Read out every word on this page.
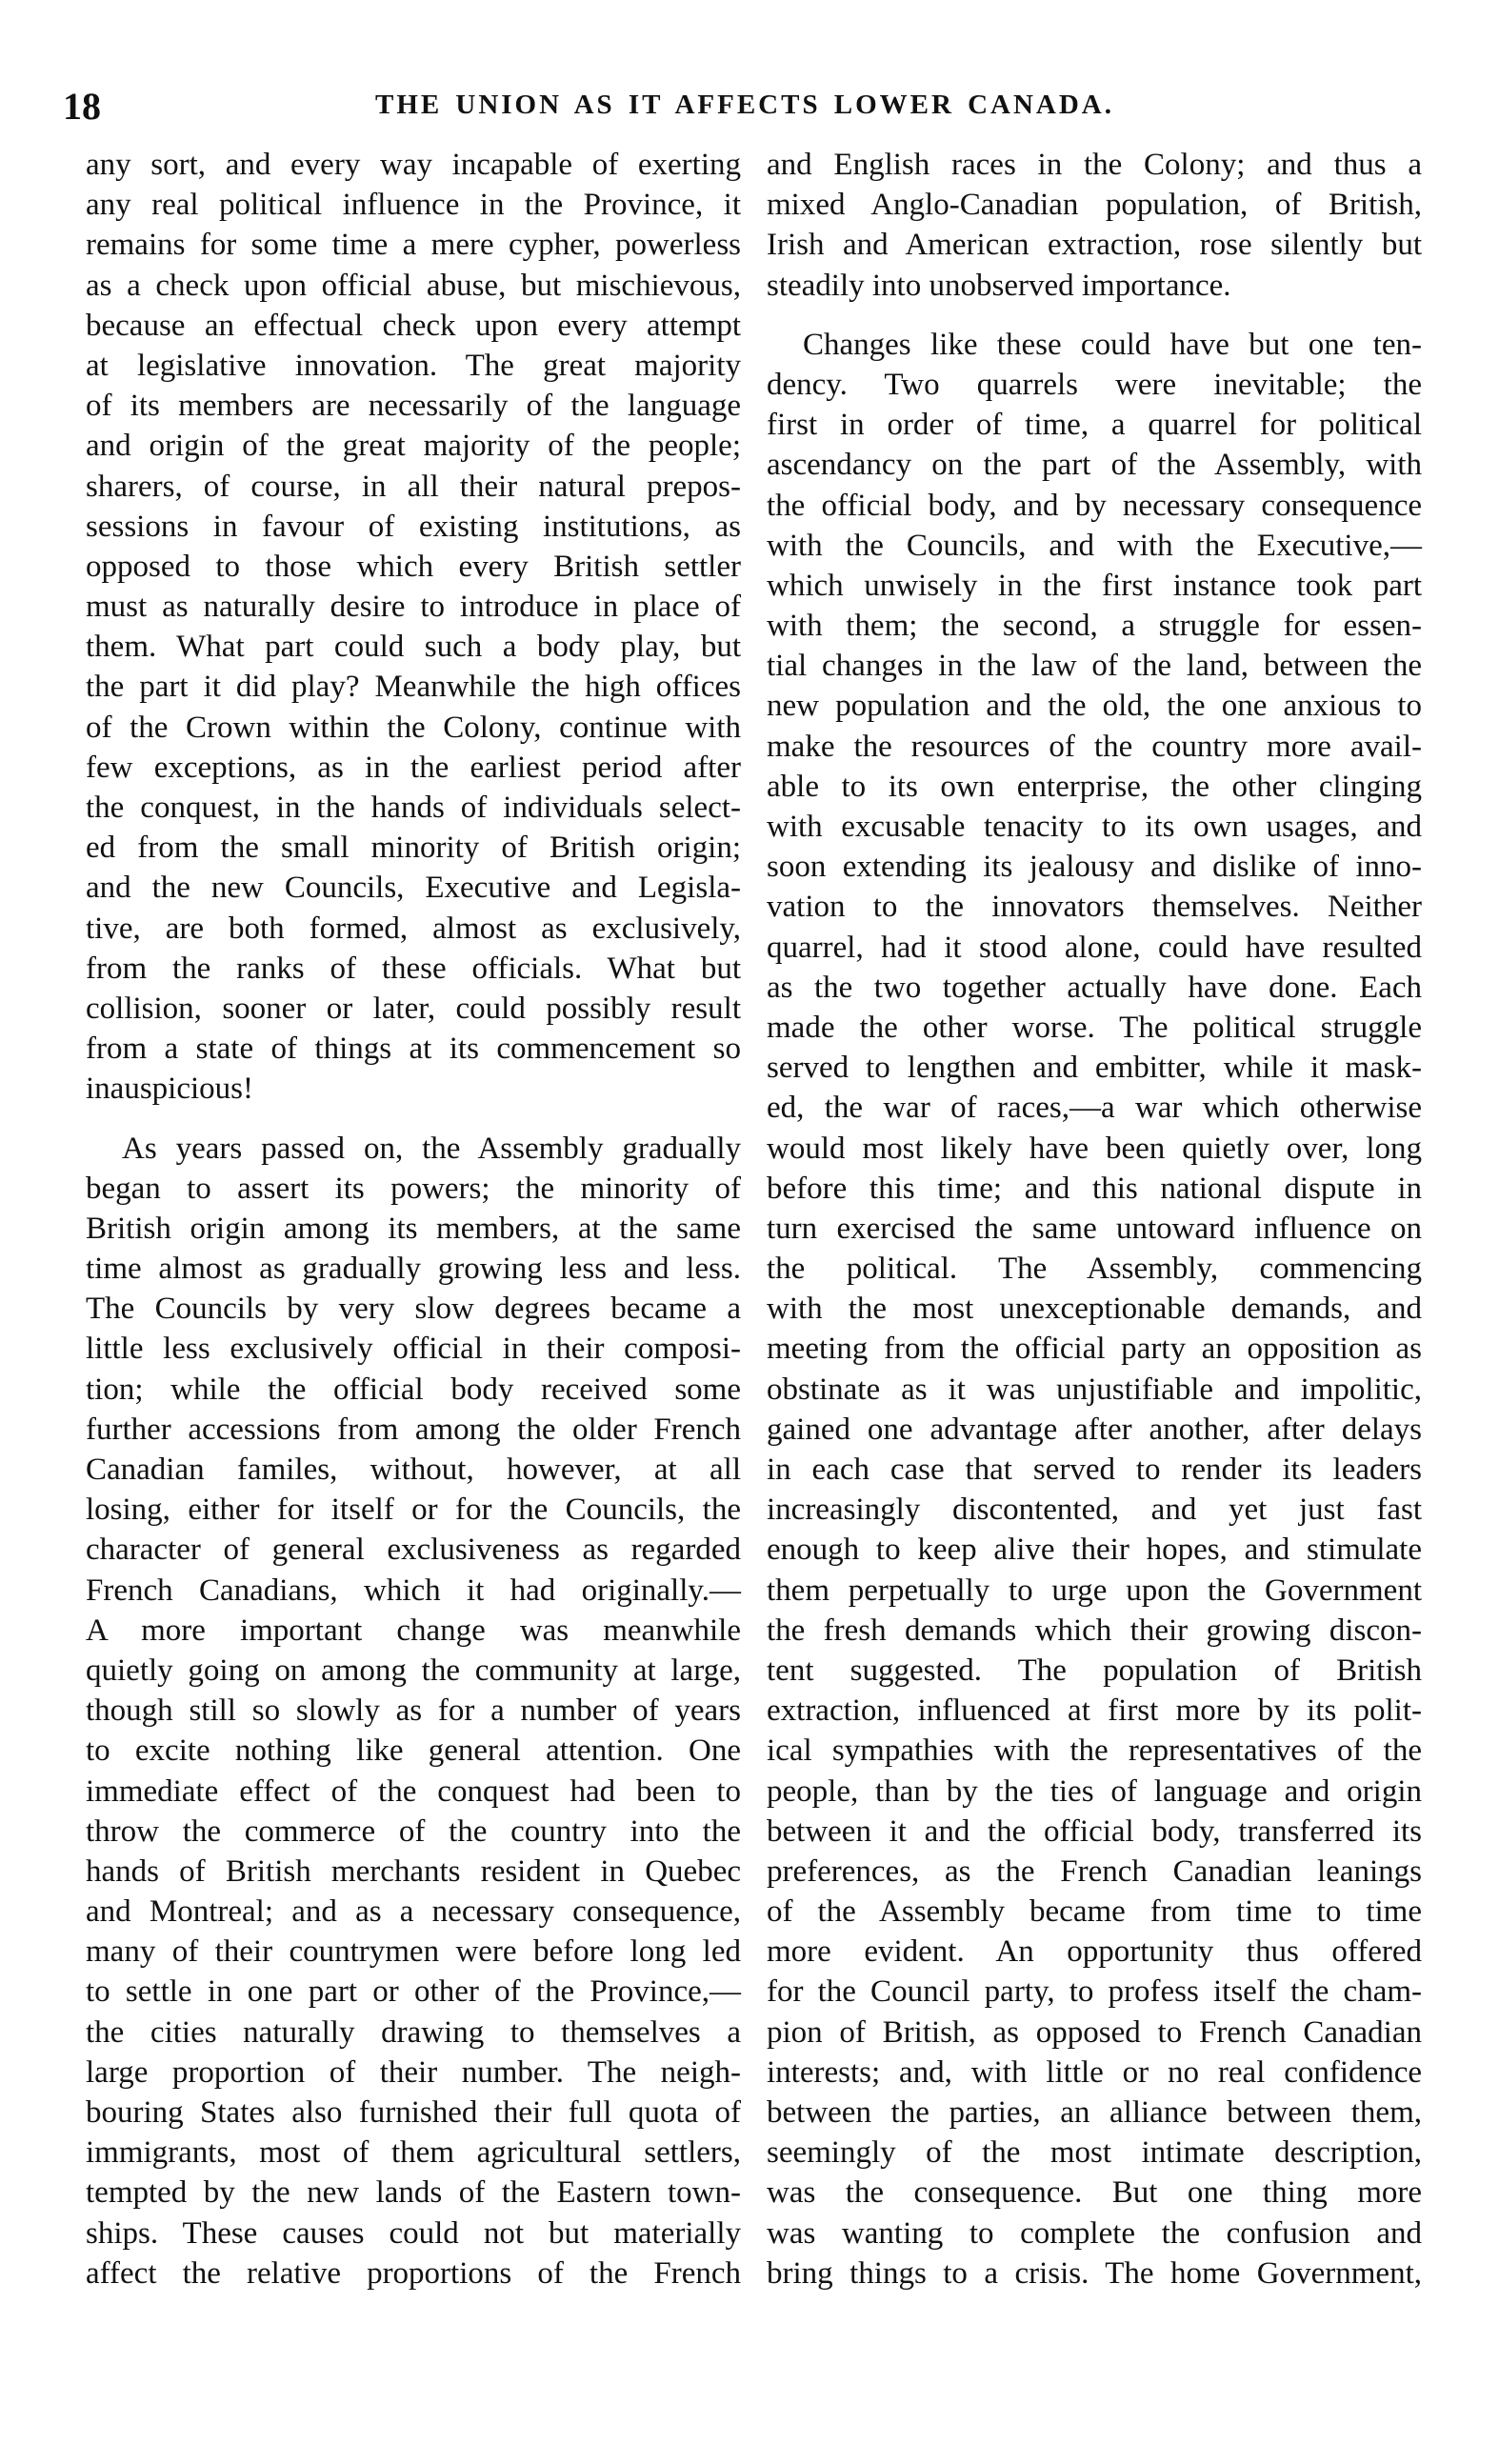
18	THE UNION AS IT AFFECTS LOWER CANADA.
any sort, and every way incapable of exerting
any real political influence in the Province, it
remains for some time a mere cypher, powerless
as a check upon official abuse, but mischievous,
because an effectual check upon every attempt
at legislative innovation. The great majority
of its members are necessarily of the language
and origin of the great majority of the people;
sharers, of course, in all their natural prepos-
sessions in favour of existing institutions, as
opposed to those which every British settler
must as naturally desire to introduce in place of
them. What part could such a body play, but
the part it did play? Meanwhile the high offices
of the Crown within the Colony, continue with
few exceptions, as in the earliest period after
the conquest, in the hands of individuals select-
ed from the small minority of British origin;
and the new Councils, Executive and Legisla-
tive, are both formed, almost as exclusively,
from the ranks of these officials. What but
collision, sooner or later, could possibly result
from a state of things at its commencement so
inauspicious!
As years passed on, the Assembly gradually
began to assert its powers; the minority of
British origin among its members, at the same
time almost as gradually growing less and less.
The Councils by very slow degrees became a
little less exclusively official in their composi-
tion; while the official body received some
further accessions from among the older French
Canadian familes, without, however, at all
losing, either for itself or for the Councils, the
character of general exclusiveness as regarded
French Canadians, which it had originally.—
A more important change was meanwhile
quietly going on among the community at large,
though still so slowly as for a number of years
to excite nothing like general attention. One
immediate effect of the conquest had been to
throw the commerce of the country into the
hands of British merchants resident in Quebec
and Montreal; and as a necessary consequence,
many of their countrymen were before long led
to settle in one part or other of the Province,—
the cities naturally drawing to themselves a
large proportion of their number. The neigh-
bouring States also furnished their full quota of
immigrants, most of them agricultural settlers,
tempted by the new lands of the Eastern town-
ships. These causes could not but materially
affect the relative proportions of the French
and English races in the Colony; and thus a
mixed Anglo-Canadian population, of British,
Irish and American extraction, rose silently but
steadily into unobserved importance.
Changes like these could have but one ten-
dency. Two quarrels were inevitable; the
first in order of time, a quarrel for political
ascendancy on the part of the Assembly, with
the official body, and by necessary consequence
with the Councils, and with the Executive,—
which unwisely in the first instance took part
with them; the second, a struggle for essen-
tial changes in the law of the land, between the
new population and the old, the one anxious to
make the resources of the country more avail-
able to its own enterprise, the other clinging
with excusable tenacity to its own usages, and
soon extending its jealousy and dislike of inno-
vation to the innovators themselves. Neither
quarrel, had it stood alone, could have resulted
as the two together actually have done. Each
made the other worse. The political struggle
served to lengthen and embitter, while it mask-
ed, the war of races,—a war which otherwise
would most likely have been quietly over, long
before this time; and this national dispute in
turn exercised the same untoward influence on
the political. The Assembly, commencing
with the most unexceptionable demands, and
meeting from the official party an opposition as
obstinate as it was unjustifiable and impolitic,
gained one advantage after another, after delays
in each case that served to render its leaders
increasingly discontented, and yet just fast
enough to keep alive their hopes, and stimulate
them perpetually to urge upon the Government
the fresh demands which their growing discon-
tent suggested. The population of British
extraction, influenced at first more by its polit-
ical sympathies with the representatives of the
people, than by the ties of language and origin
between it and the official body, transferred its
preferences, as the French Canadian leanings
of the Assembly became from time to time
more evident. An opportunity thus offered
for the Council party, to profess itself the cham-
pion of British, as opposed to French Canadian
interests; and, with little or no real confidence
between the parties, an alliance between them,
seemingly of the most intimate description,
was the consequence. But one thing more
was wanting to complete the confusion and
bring things to a crisis. The home Government,
